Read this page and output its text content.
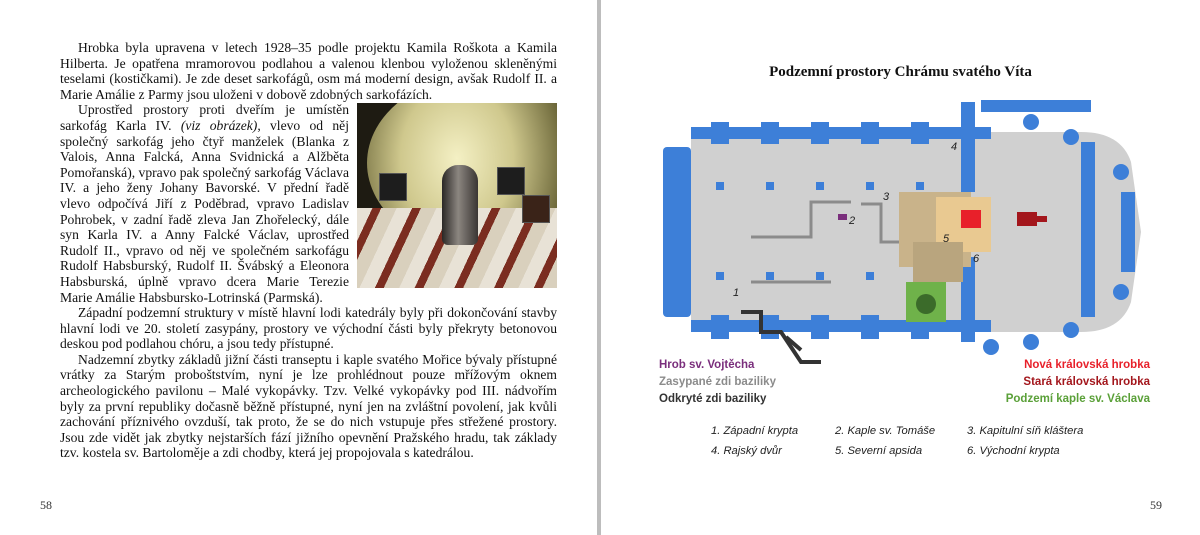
Hrobka byla upravena v letech 1928–35 podle projektu Kamila Roškota a Kamila Hilberta. Je opatřena mramorovou podlahou a valenou klenbou vyloženou skleněnými teselami (kostičkami). Je zde deset sarkofágů, osm má moderní design, avšak Rudolf II. a Marie Amálie z Parmy jsou uloženi v dobově zdobných sarkofázích.

Uprostřed prostory proti dveřím je umístěn sarkofág Karla IV. (viz obrázek), vlevo od něj společný sarkofág jeho čtyř manželek (Blanka z Valois, Anna Falcká, Anna Svidnická a Alžběta Pomořanská), vpravo pak společný sarkofág Václava IV. a jeho ženy Johany Bavorské. V přední řadě vlevo odpočívá Jiří z Poděbrad, vpravo Ladislav Pohrobek, v zadní řadě zleva Jan Zhořelecký, dále syn Karla IV. a Anny Falcké Václav, uprostřed Rudolf II., vpravo od něj ve společném sarkofágu Rudolf Habsburský, Rudolf II. Švábský a Eleonora Habsburská, úplně vpravo dcera Marie Terezie Marie Amálie Habsbursko-Lotrinská (Parmská).

Západní podzemní struktury v místě hlavní lodi katedrály byly při dokončování stavby hlavní lodi ve 20. století zasypány, prostory ve východní části byly překryty betonovou deskou pod podlahou chóru, a jsou tedy přístupné.

Nadzemní zbytky základů jižní části transeptu i kaple svatého Mořice bývaly přístupné vrátky za Starým proboštstvím, nyní je lze prohlédnout pouze mřížovým oknem archeologického pavilonu – Malé vykopávky. Tzv. Velké vykopávky pod III. nádvořím byly za první republiky dočasně běžně přístupné, nyní jen na zvláštní povolení, jak kvůli zachování příznivého ovzduší, tak proto, že se do nich vstupuje přes střežené prostory. Jsou zde vidět jak zbytky nejstarších fází jižního opevnění Pražského hradu, tak základy tzv. kostela sv. Bartoloměje a zdi chodby, která jej propojovala s katedrálou.

58
Podzemní prostory Chrámu svatého Víta
1
2
3
4
5
6
Hrob sv. Vojtěcha
Zasypané zdi baziliky
Odkryté zdi baziliky
Nová královská hrobka
Stará královská hrobka
Podzemí kaple sv. Václava
1. Západní krypta	2. Kaple sv. Tomáše	3. Kapitulní síň kláštera
4. Rajský dvůr	5. Severní apsida	6. Východní krypta
59
